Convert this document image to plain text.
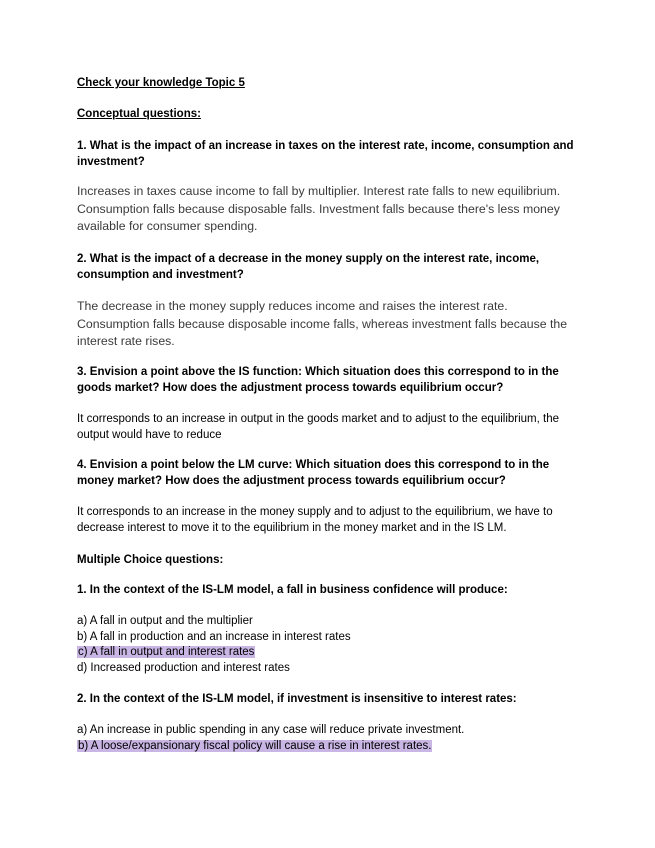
Check your knowledge Topic 5

Conceptual questions:

1. What is the impact of an increase in taxes on the interest rate, income, consumption and investment?

Increases in taxes cause income to fall by multiplier. Interest rate falls to new equilibrium. Consumption falls because disposable falls. Investment falls because there's less money available for consumer spending.

2. What is the impact of a decrease in the money supply on the interest rate, income, consumption and investment?

The decrease in the money supply reduces income and raises the interest rate. Consumption falls because disposable income falls, whereas investment falls because the interest rate rises.

3. Envision a point above the IS function: Which situation does this correspond to in the goods market? How does the adjustment process towards equilibrium occur?

It corresponds to an increase in output in the goods market and to adjust to the equilibrium, the output would have to reduce

4. Envision a point below the LM curve: Which situation does this correspond to in the money market? How does the adjustment process towards equilibrium occur?

It corresponds to an increase in the money supply and to adjust to the equilibrium, we have to decrease interest to move it to the equilibrium in the money market and in the IS LM.

Multiple Choice questions:

1. In the context of the IS-LM model, a fall in business confidence will produce:

a) A fall in output and the multiplier
b) A fall in production and an increase in interest rates
c) A fall in output and interest rates
d) Increased production and interest rates

2. In the context of the IS-LM model, if investment is insensitive to interest rates:

a) An increase in public spending in any case will reduce private investment.
b) A loose/expansionary fiscal policy will cause a rise in interest rates.
